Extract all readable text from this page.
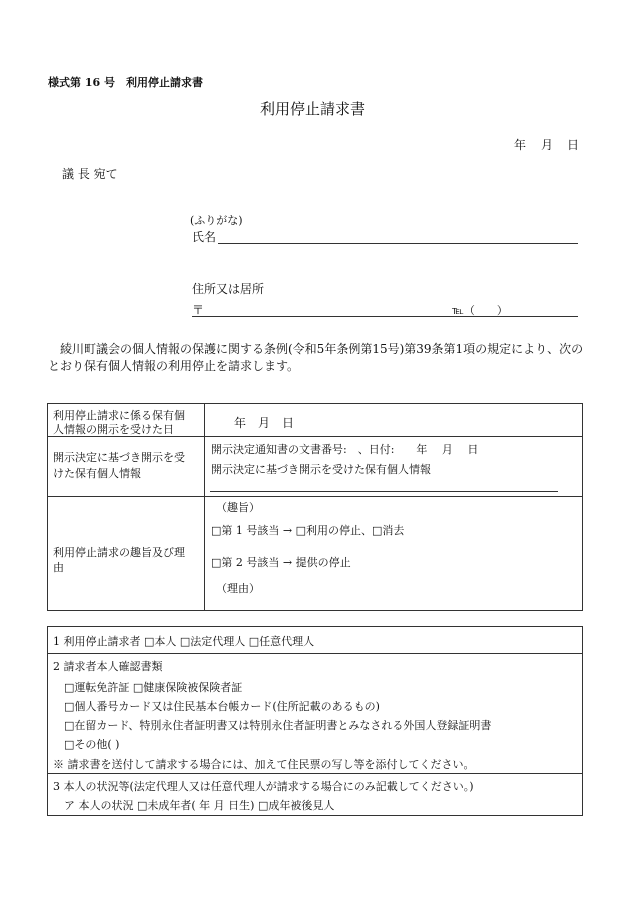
様式第 16 号　利用停止請求書
利用停止請求書
年 月 日
議 長 宛て
(ふりがな)
氏名
住所又は居所
〒	℡（　　）
綾川町議会の個人情報の保護に関する条例(令和5年条例第15号)第39条第1項の規定により、次の
とおり保有個人情報の利用停止を請求します。
利用停止請求に係る保有個
人情報の開示を受けた日	年　月　日
開示決定に基づき開示を受
けた保有個人情報
開示決定通知書の文書番号:　、日付:　　年　 月　 日
開示決定に基づき開示を受けた保有個人情報
利用停止請求の趣旨及び理
由
（趣旨）
□第 1 号該当 → □利用の停止、□消去
□第 2 号該当 → 提供の停止
（理由）
1 利用停止請求者 □本人 □法定代理人 □任意代理人
2 請求者本人確認書類
□運転免許証 □健康保険被保険者証
□個人番号カード又は住民基本台帳カード(住所記載のあるもの)
□在留カード、特別永住者証明書又は特別永住者証明書とみなされる外国人登録証明書
□その他( )
※ 請求書を送付して請求する場合には、加えて住民票の写し等を添付してください。
3 本人の状況等(法定代理人又は任意代理人が請求する場合にのみ記載してください。)
ア 本人の状況 □未成年者( 年 月 日生) □成年被後見人
